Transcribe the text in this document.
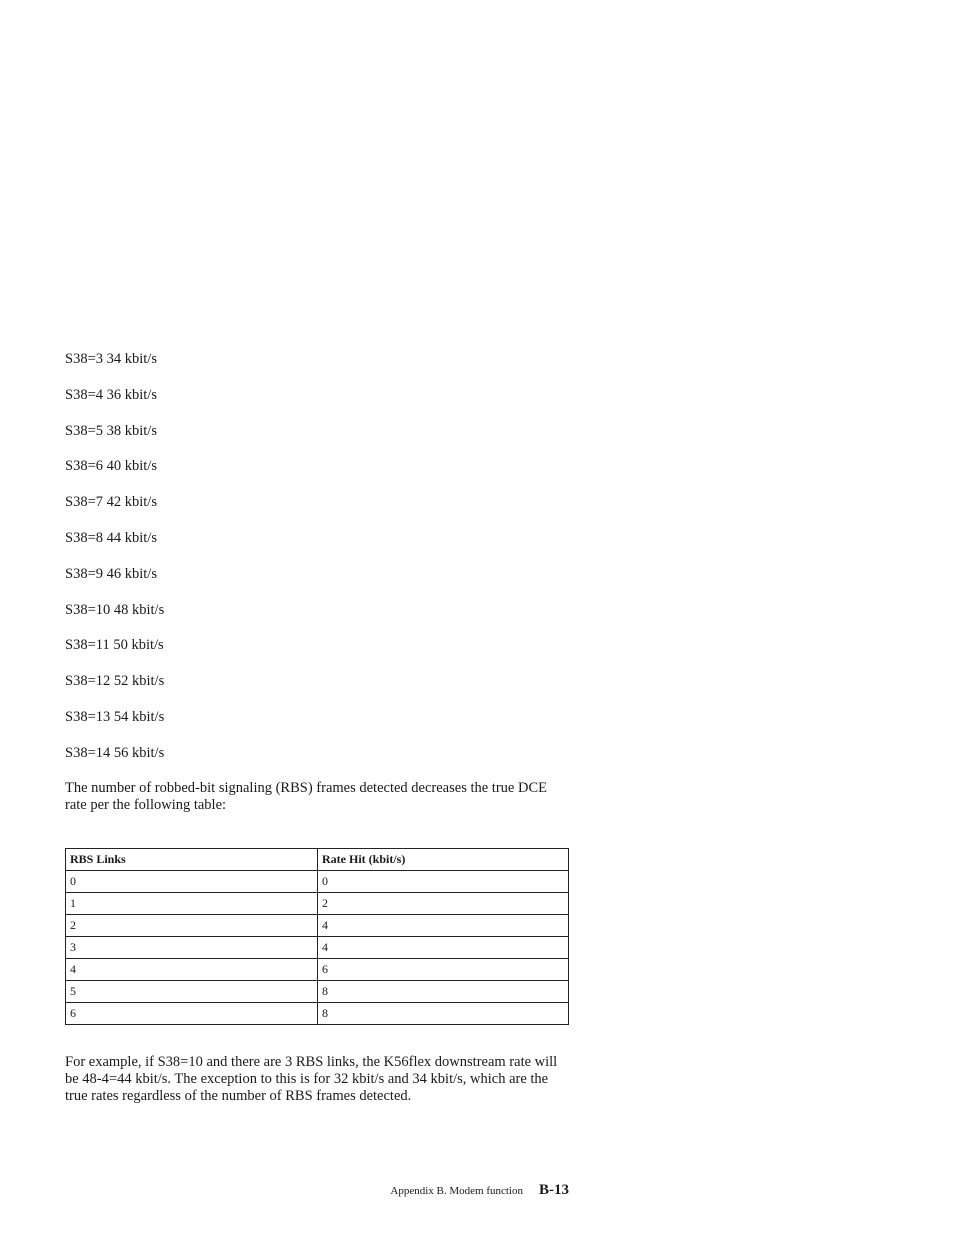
S38=3 34 kbit/s
S38=4 36 kbit/s
S38=5 38 kbit/s
S38=6 40 kbit/s
S38=7 42 kbit/s
S38=8 44 kbit/s
S38=9 46 kbit/s
S38=10 48 kbit/s
S38=11 50 kbit/s
S38=12 52 kbit/s
S38=13 54 kbit/s
S38=14 56 kbit/s

The number of robbed-bit signaling (RBS) frames detected decreases the true DCE rate per the following table:

RBS Links	Rate Hit (kbit/s)
0	0
1	2
2	4
3	4
4	6
5	8
6	8

For example, if S38=10 and there are 3 RBS links, the K56flex downstream rate will be 48-4=44 kbit/s. The exception to this is for 32 kbit/s and 34 kbit/s, which are the true rates regardless of the number of RBS frames detected.

Appendix B. Modem function B-13
